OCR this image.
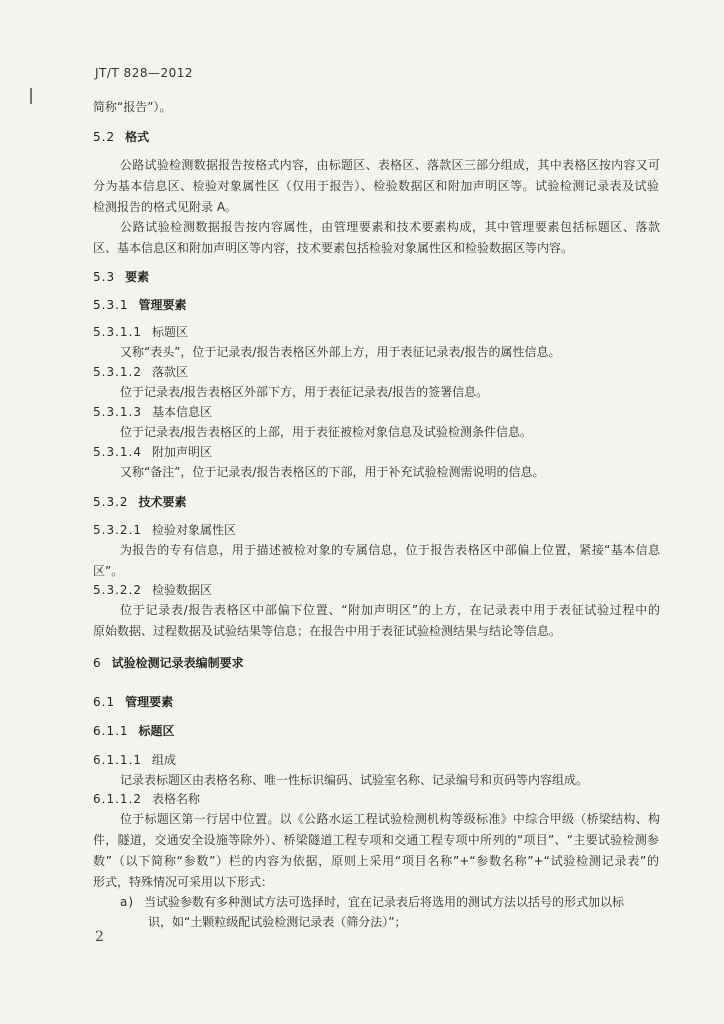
JT/T 828—2012
简称“报告”）。
5.2 格式
公路试验检测数据报告按格式内容，由标题区、表格区、落款区三部分组成，其中表格区按内容又可
分为基本信息区、检验对象属性区（仅用于报告）、检验数据区和附加声明区等。试验检测记录表及试验
检测报告的格式见附录 A。
公路试验检测数据报告按内容属性，由管理要素和技术要素构成，其中管理要素包括标题区、落款
区、基本信息区和附加声明区等内容，技术要素包括检验对象属性区和检验数据区等内容。
5.3 要素
5.3.1 管理要素
5.3.1.1 标题区
又称“表头”，位于记录表/报告表格区外部上方，用于表征记录表/报告的属性信息。
5.3.1.2 落款区
位于记录表/报告表格区外部下方，用于表征记录表/报告的签署信息。
5.3.1.3 基本信息区
位于记录表/报告表格区的上部，用于表征被检对象信息及试验检测条件信息。
5.3.1.4 附加声明区
又称“备注”，位于记录表/报告表格区的下部，用于补充试验检测需说明的信息。
5.3.2 技术要素
5.3.2.1 检验对象属性区
为报告的专有信息，用于描述被检对象的专属信息，位于报告表格区中部偏上位置，紧接“基本信息
区”。
5.3.2.2 检验数据区
位于记录表/报告表格区中部偏下位置、“附加声明区”的上方，在记录表中用于表征试验过程中的
原始数据、过程数据及试验结果等信息；在报告中用于表征试验检测结果与结论等信息。
6 试验检测记录表编制要求
6.1 管理要素
6.1.1 标题区
6.1.1.1 组成
记录表标题区由表格名称、唯一性标识编码、试验室名称、记录编号和页码等内容组成。
6.1.1.2 表格名称
位于标题区第一行居中位置。以《公路水运工程试验检测机构等级标准》中综合甲级（桥梁结构、构
件，隧道，交通安全设施等除外）、桥梁隧道工程专项和交通工程专项中所列的“项目”、“主要试验检测参
数”（以下简称“参数”）栏的内容为依据，原则上采用“项目名称”+“参数名称”+“试验检测记录表”的
形式，特殊情况可采用以下形式：
a) 当试验参数有多种测试方法可选择时，宜在记录表后将选用的测试方法以括号的形式加以标
识，如“土颗粒级配试验检测记录表（筛分法）”；
2
